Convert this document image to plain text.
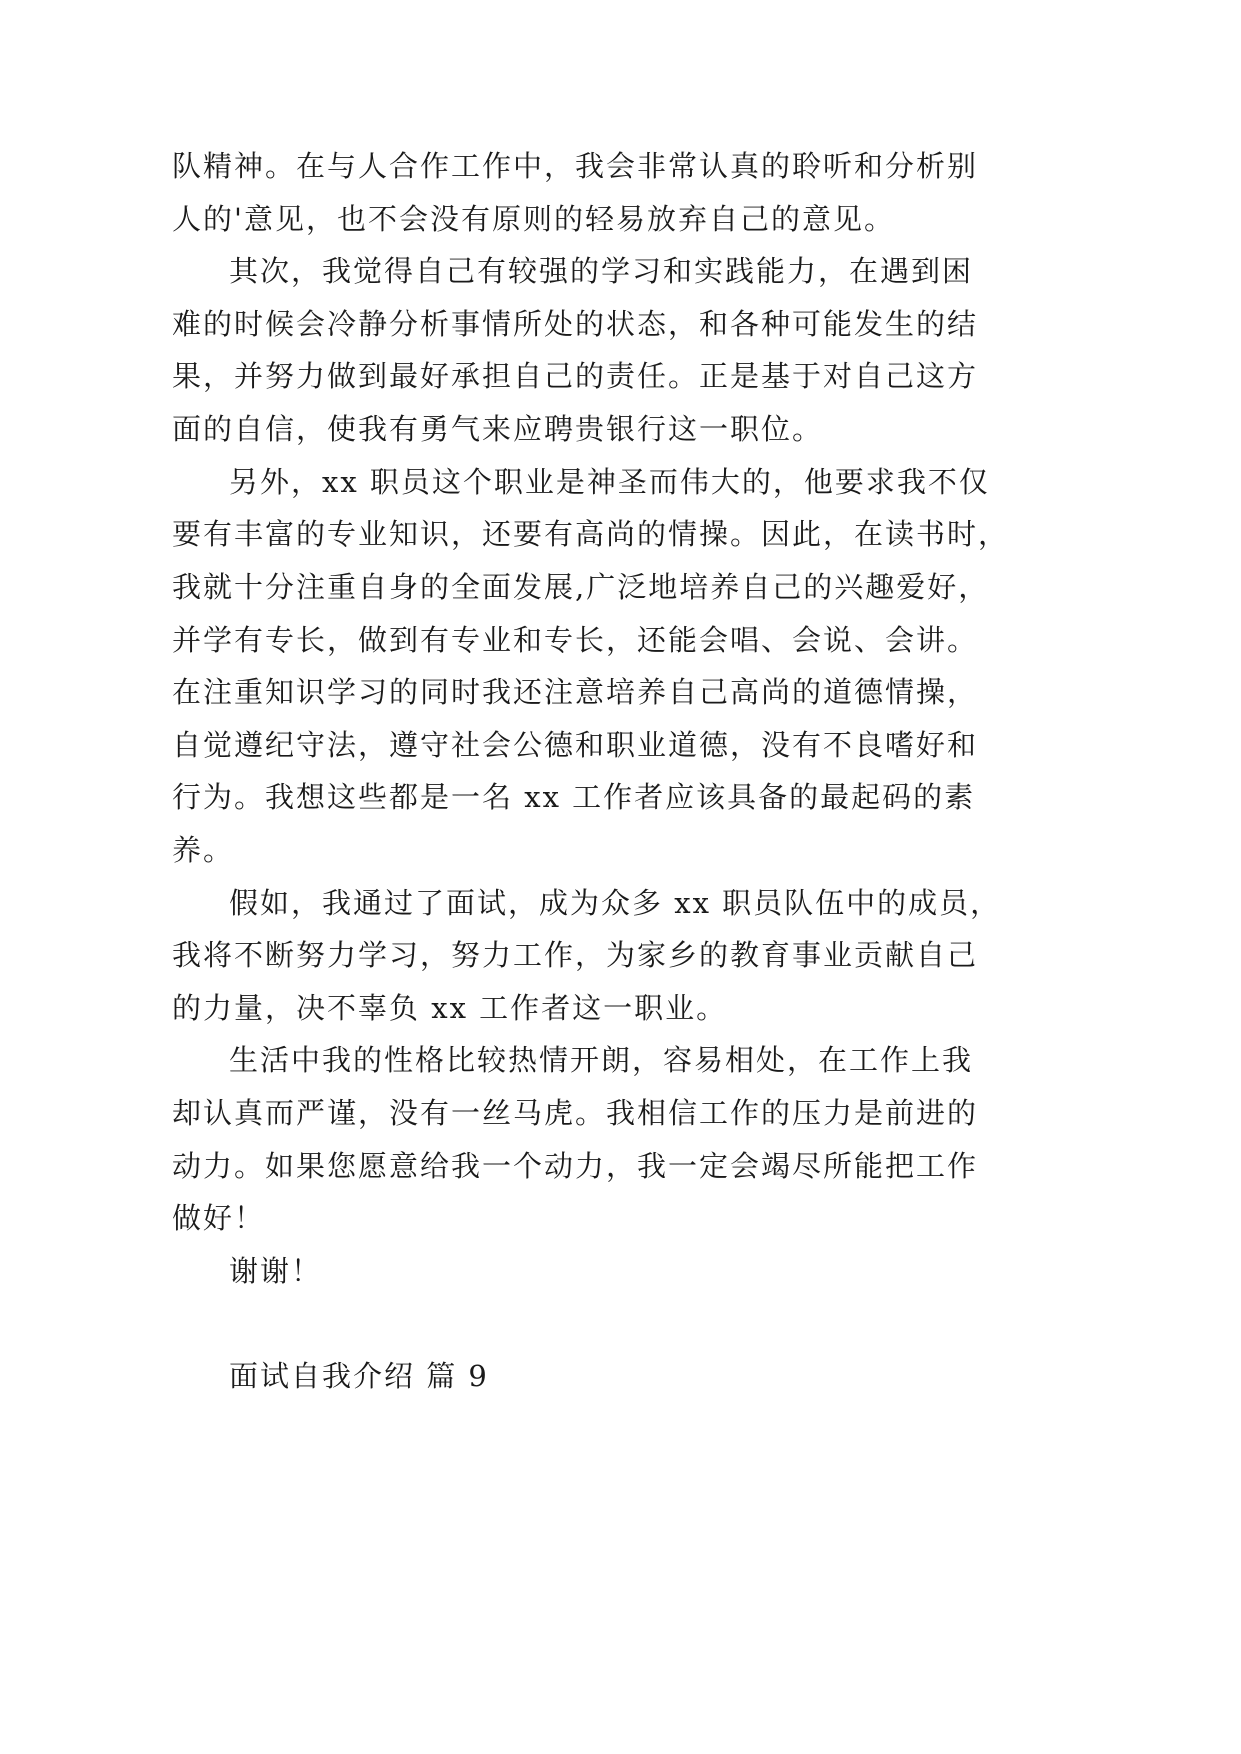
队精神。在与人合作工作中，我会非常认真的聆听和分析别
人的'意见，也不会没有原则的轻易放弃自己的意见。
其次，我觉得自己有较强的学习和实践能力，在遇到困
难的时候会冷静分析事情所处的状态，和各种可能发生的结
果，并努力做到最好承担自己的责任。正是基于对自己这方
面的自信，使我有勇气来应聘贵银行这一职位。
另外，xx 职员这个职业是神圣而伟大的，他要求我不仅
要有丰富的专业知识，还要有高尚的情操。因此，在读书时，
我就十分注重自身的全面发展,广泛地培养自己的兴趣爱好，
并学有专长，做到有专业和专长，还能会唱、会说、会讲。
在注重知识学习的同时我还注意培养自己高尚的道德情操，
自觉遵纪守法，遵守社会公德和职业道德，没有不良嗜好和
行为。我想这些都是一名 xx 工作者应该具备的最起码的素
养。
假如，我通过了面试，成为众多 xx 职员队伍中的成员，
我将不断努力学习，努力工作，为家乡的教育事业贡献自己
的力量，决不辜负 xx 工作者这一职业。
生活中我的性格比较热情开朗，容易相处，在工作上我
却认真而严谨，没有一丝马虎。我相信工作的压力是前进的
动力。如果您愿意给我一个动力，我一定会竭尽所能把工作
做好！
谢谢！
面试自我介绍 篇 9
